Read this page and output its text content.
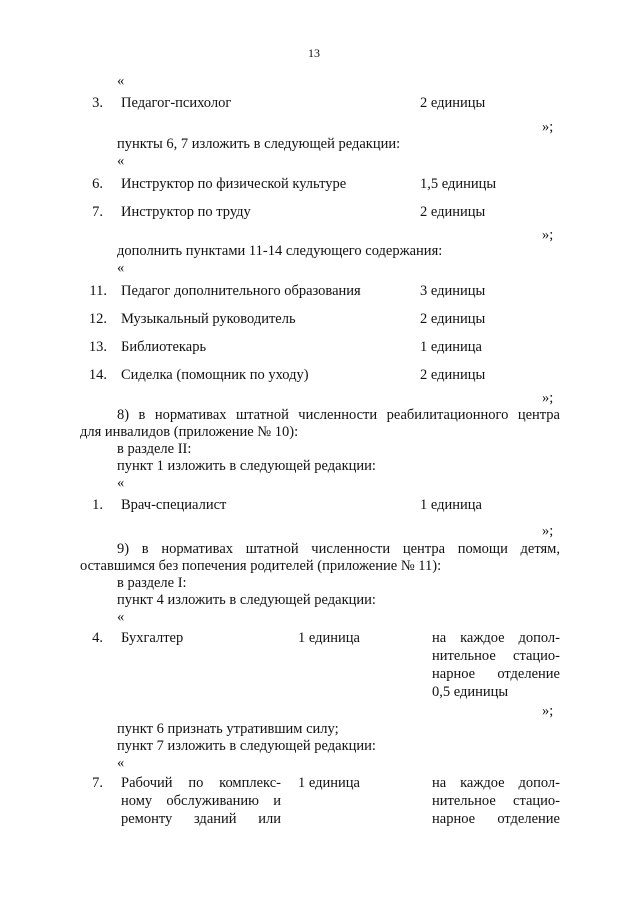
13
«
3. Педагог-психолог	2 единицы
»;
пункты 6, 7 изложить в следующей редакции:
«
6. Инструктор по физической культуре	1,5 единицы
7. Инструктор по труду	2 единицы
»;
дополнить пунктами 11-14 следующего содержания:
«
11. Педагог дополнительного образования	3 единицы
12. Музыкальный руководитель	2 единицы
13. Библиотекарь	1 единица
14. Сиделка (помощник по уходу)	2 единицы
»;
8) в нормативах штатной численности реабилитационного центра
для инвалидов (приложение № 10):
в разделе II:
пункт 1 изложить в следующей редакции:
«
1. Врач-специалист	1 единица
»;
9) в нормативах штатной численности центра помощи детям,
оставшимся без попечения родителей (приложение № 11):
в разделе I:
пункт 4 изложить в следующей редакции:
«
4. Бухгалтер	1 единица	на каждое допол-
нительное стацио-
нарное отделение
0,5 единицы
»;
пункт 6 признать утратившим силу;
пункт 7 изложить в следующей редакции:
«
7. Рабочий по комплекс-
ному обслуживанию и
ремонту зданий или
1 единица	на каждое допол-
нительное стацио-
нарное отделение
